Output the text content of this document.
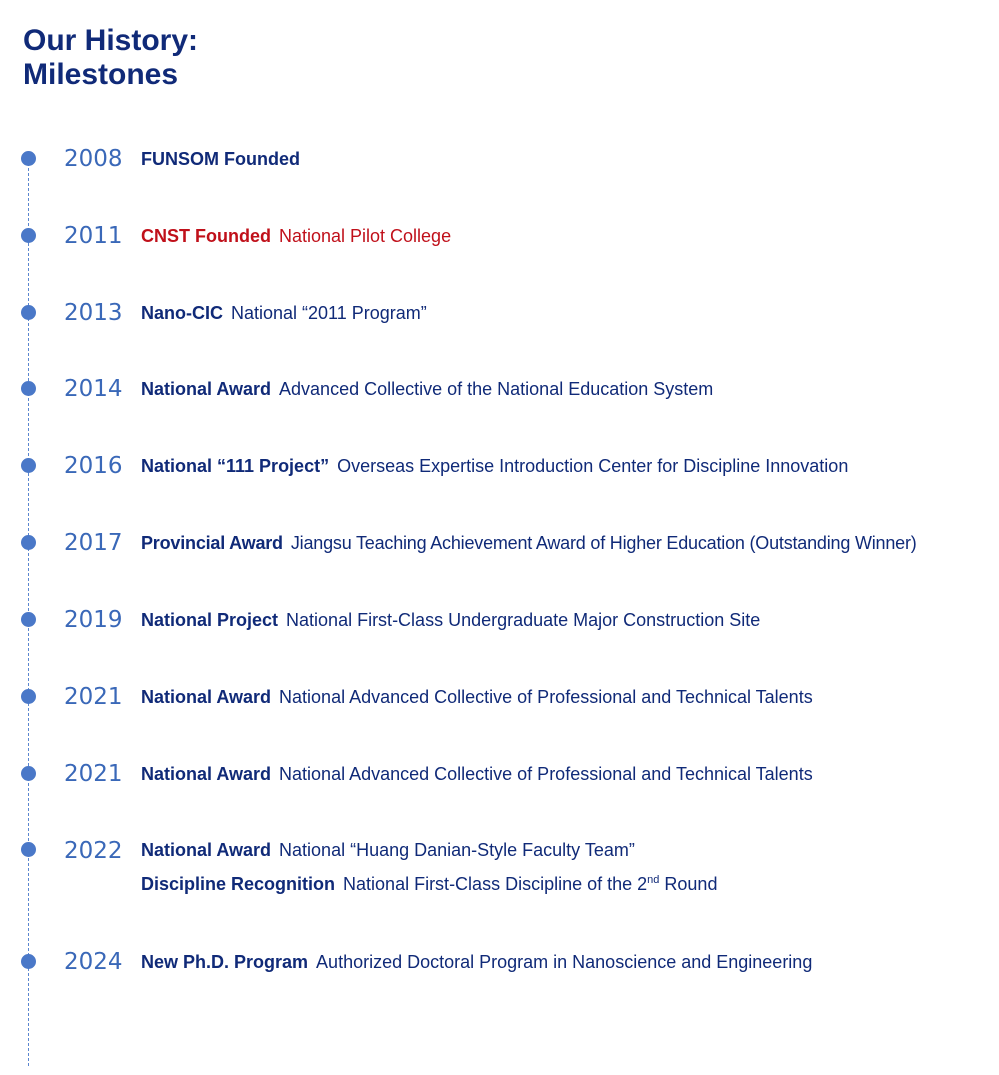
Our History:
Milestones
2008	FUNSOM Founded
2011	CNST Founded National Pilot College
2013	Nano-CIC National “2011 Program”
2014	National Award Advanced Collective of the National Education System
2016	National “111 Project” Overseas Expertise Introduction Center for Discipline Innovation
2017	Provincial Award Jiangsu Teaching Achievement Award of Higher Education (Outstanding Winner)
2019	National Project National First-Class Undergraduate Major Construction Site
2021	National Award National Advanced Collective of Professional and Technical Talents
2021	National Award National Advanced Collective of Professional and Technical Talents
2022	National Award National “Huang Danian-Style Faculty Team”
Discipline Recognition National First-Class Discipline of the 2nd Round
2024	New Ph.D. Program Authorized Doctoral Program in Nanoscience and Engineering
